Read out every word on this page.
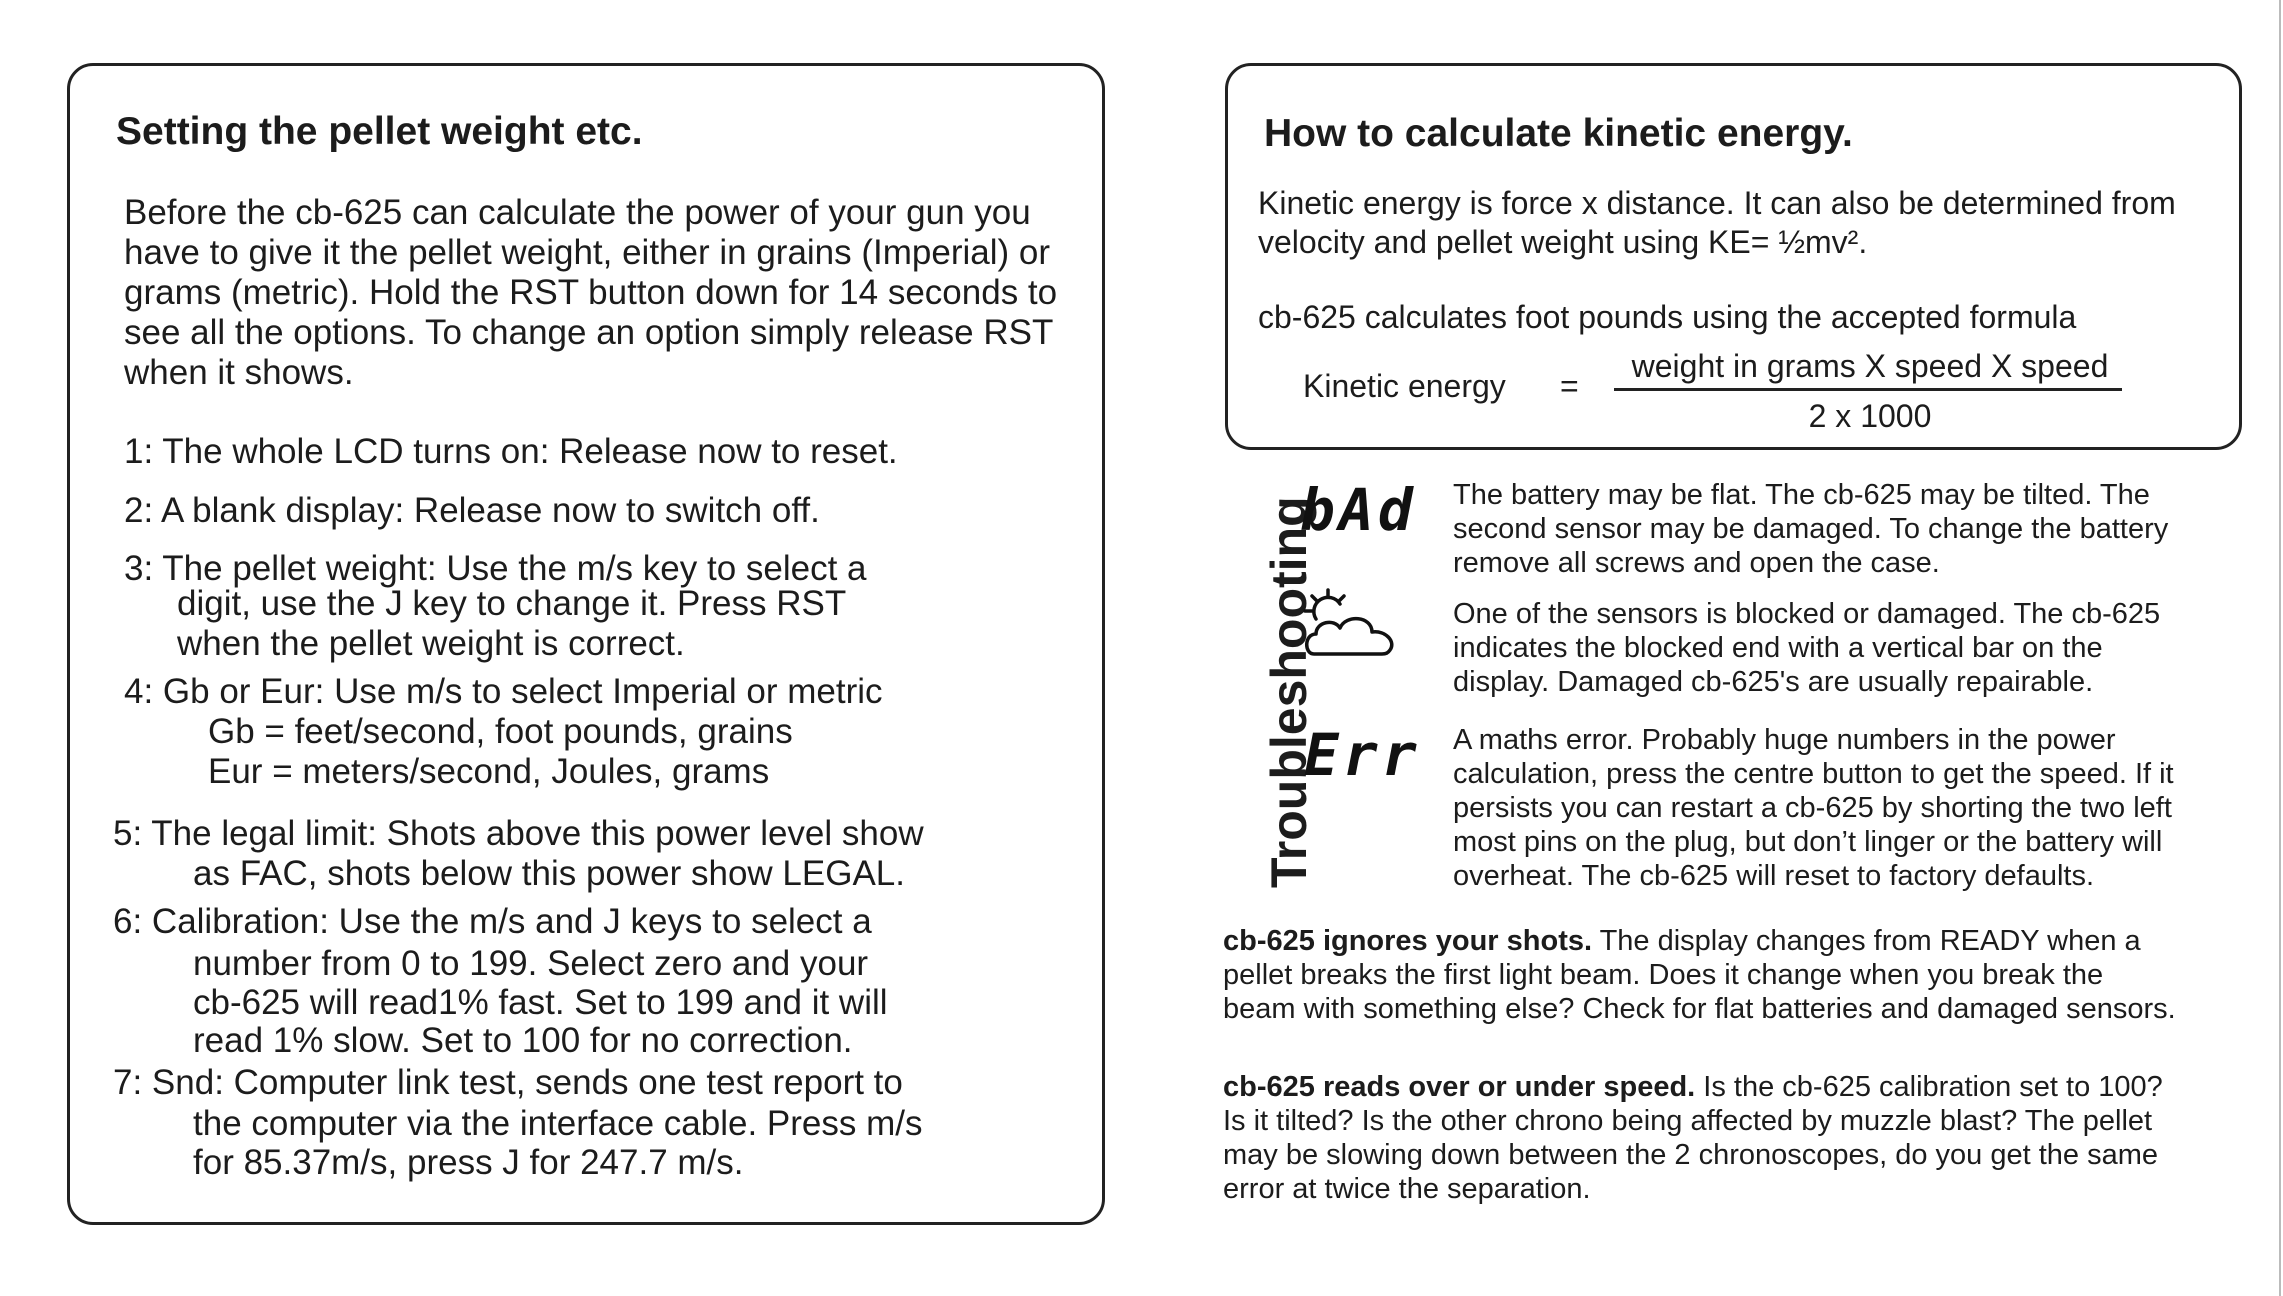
Setting the pellet weight etc.
Before the cb-625 can calculate the power of your gun you
have to give it the pellet weight, either in grains (Imperial) or
grams (metric). Hold the RST button down for 14 seconds to
see all the options. To change an option simply release RST
when it shows.
1: The whole LCD turns on: Release now to reset.
2: A blank display: Release now to switch off.
3: The pellet weight: Use the m/s key to select a
digit, use the J key to change it. Press RST
when the pellet weight is correct.
4: Gb or Eur: Use m/s to select Imperial or metric
Gb = feet/second, foot pounds, grains
Eur = meters/second, Joules, grams
5: The legal limit: Shots above this power level show
as FAC, shots below this power show LEGAL.
6: Calibration: Use the m/s and J keys to select a
number from 0 to 199. Select zero and your
cb-625 will read1% fast. Set to 199 and it will
read 1% slow. Set to 100 for no correction.
7: Snd: Computer link test, sends one test report to
the computer via the interface cable. Press m/s
for 85.37m/s, press J for 247.7 m/s.
How to calculate kinetic energy.
Kinetic energy is force x distance. It can also be determined from
velocity and pellet weight using KE= ½mv².
cb-625 calculates foot pounds using the accepted formula
Kinetic energy =
weight in grams X speed X speed
2 x 1000
Troubleshooting
bAd The battery may be flat. The cb-625 may be tilted. The
second sensor may be damaged. To change the battery
remove all screws and open the case.
One of the sensors is blocked or damaged. The cb-625
indicates the blocked end with a vertical bar on the
display. Damaged cb-625's are usually repairable.
Err A maths error. Probably huge numbers in the power
calculation, press the centre button to get the speed. If it
persists you can restart a cb-625 by shorting the two left
most pins on the plug, but don’t linger or the battery will
overheat. The cb-625 will reset to factory defaults.
cb-625 ignores your shots. The display changes from READY when a
pellet breaks the first light beam. Does it change when you break the
beam with something else? Check for flat batteries and damaged sensors.
cb-625 reads over or under speed. Is the cb-625 calibration set to 100?
Is it tilted? Is the other chrono being affected by muzzle blast? The pellet
may be slowing down between the 2 chronoscopes, do you get the same
error at twice the separation.
